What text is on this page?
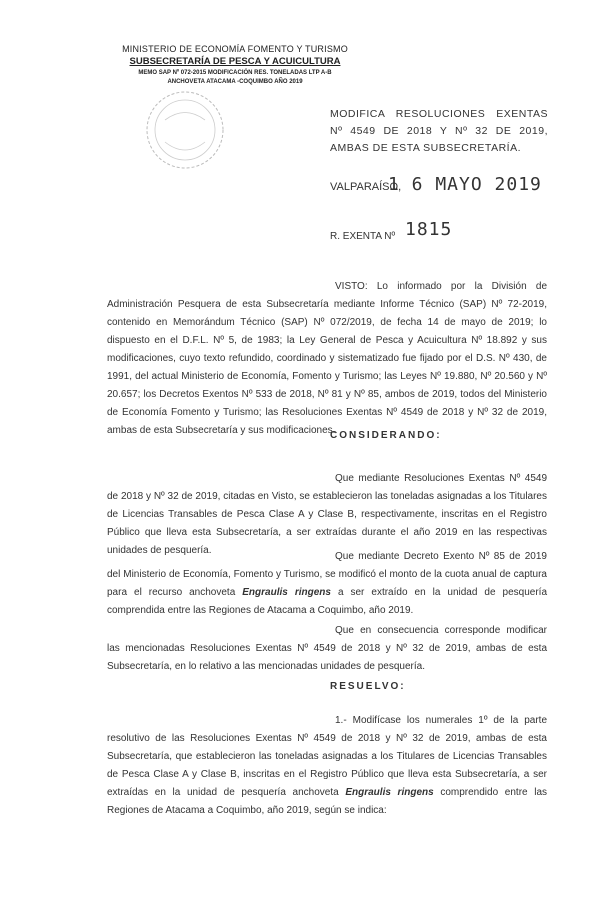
MINISTERIO DE ECONOMÍA FOMENTO Y TURISMO
SUBSECRETARÍA DE PESCA Y ACUICULTURA
MEMO SAP Nº 072-2015 MODIFICACIÓN RES. TONELADAS LTP A-B
ANCHOVETA ATACAMA -COQUIMBO AÑO 2019
MODIFICA RESOLUCIONES EXENTAS Nº 4549 DE 2018 Y Nº 32 DE 2019, AMBAS DE ESTA SUBSECRETARÍA.
VALPARAÍSO,
1 6 MAYO 2019
R. EXENTA Nº 1815
VISTO: Lo informado por la División de Administración Pesquera de esta Subsecretaría mediante Informe Técnico (SAP) Nº 72-2019, contenido en Memorándum Técnico (SAP) Nº 072/2019, de fecha 14 de mayo de 2019; lo dispuesto en el D.F.L. Nº 5, de 1983; la Ley General de Pesca y Acuicultura Nº 18.892 y sus modificaciones, cuyo texto refundido, coordinado y sistematizado fue fijado por el D.S. Nº 430, de 1991, del actual Ministerio de Economía, Fomento y Turismo; las Leyes Nº 19.880, Nº 20.560 y Nº 20.657; los Decretos Exentos Nº 533 de 2018, Nº 81 y Nº 85, ambos de 2019, todos del Ministerio de Economía Fomento y Turismo; las Resoluciones Exentas Nº 4549 de 2018 y Nº 32 de 2019, ambas de esta Subsecretaría y sus modificaciones.
CONSIDERANDO:
Que mediante Resoluciones Exentas Nº 4549 de 2018 y Nº 32 de 2019, citadas en Visto, se establecieron las toneladas asignadas a los Titulares de Licencias Transables de Pesca Clase A y Clase B, respectivamente, inscritas en el Registro Público que lleva esta Subsecretaría, a ser extraídas durante el año 2019 en las respectivas unidades de pesquería.
Que mediante Decreto Exento Nº 85 de 2019 del Ministerio de Economía, Fomento y Turismo, se modificó el monto de la cuota anual de captura para el recurso anchoveta Engraulis ringens a ser extraído en la unidad de pesquería comprendida entre las Regiones de Atacama a Coquimbo, año 2019.
Que en consecuencia corresponde modificar las mencionadas Resoluciones Exentas Nº 4549 de 2018 y Nº 32 de 2019, ambas de esta Subsecretaría, en lo relativo a las mencionadas unidades de pesquería.
RESUELVO:
1.- Modifícase los numerales 1º de la parte resolutivo de las Resoluciones Exentas Nº 4549 de 2018 y Nº 32 de 2019, ambas de esta Subsecretaría, que establecieron las toneladas asignadas a los Titulares de Licencias Transables de Pesca Clase A y Clase B, inscritas en el Registro Público que lleva esta Subsecretaría, a ser extraídas en la unidad de pesquería anchoveta Engraulis ringens comprendido entre las Regiones de Atacama a Coquimbo, año 2019, según se indica:
